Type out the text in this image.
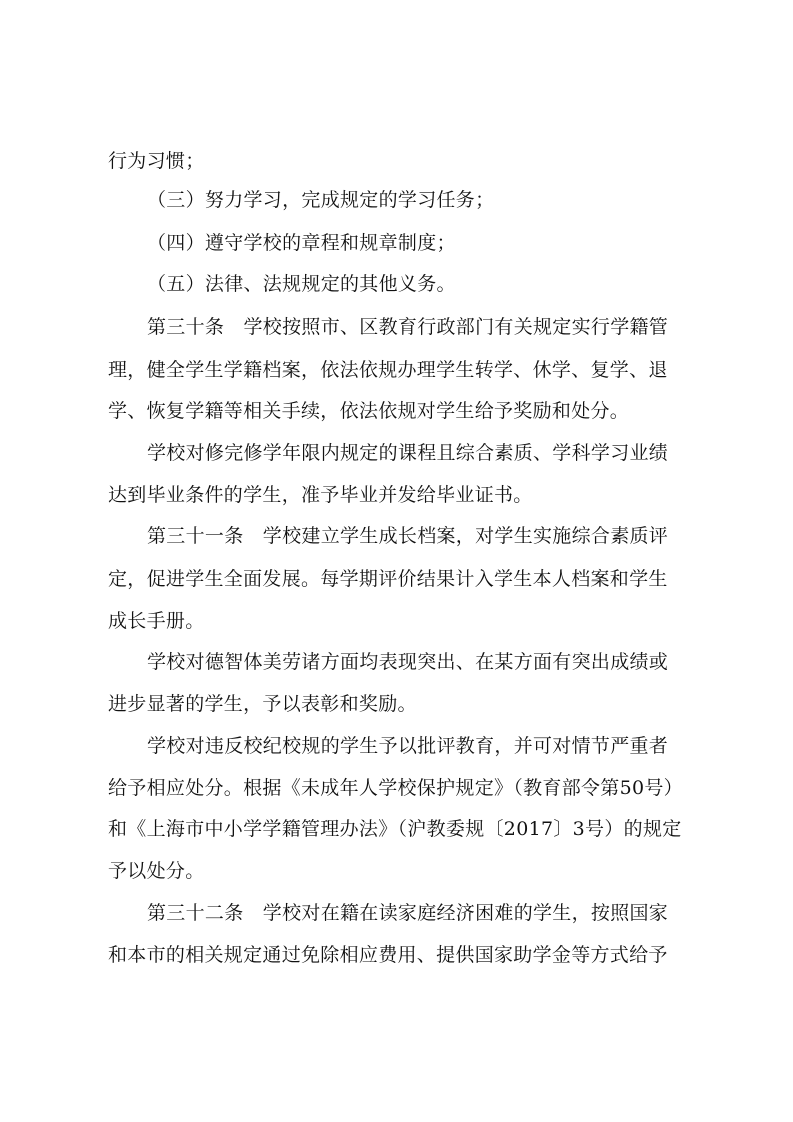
行为习惯；
（三）努力学习，完成规定的学习任务；
（四）遵守学校的章程和规章制度；
（五）法律、法规规定的其他义务。
第三十条　学校按照市、区教育行政部门有关规定实行学籍管
理，健全学生学籍档案，依法依规办理学生转学、休学、复学、退
学、恢复学籍等相关手续，依法依规对学生给予奖励和处分。
学校对修完修学年限内规定的课程且综合素质、学科学习业绩
达到毕业条件的学生，准予毕业并发给毕业证书。
第三十一条　学校建立学生成长档案，对学生实施综合素质评
定，促进学生全面发展。每学期评价结果计入学生本人档案和学生
成长手册。
学校对德智体美劳诸方面均表现突出、在某方面有突出成绩或
进步显著的学生，予以表彰和奖励。
学校对违反校纪校规的学生予以批评教育，并可对情节严重者
给予相应处分。根据《未成年人学校保护规定》（教育部令第50号）
和《上海市中小学学籍管理办法》（沪教委规〔2017〕3号）的规定
予以处分。
第三十二条　学校对在籍在读家庭经济困难的学生，按照国家
和本市的相关规定通过免除相应费用、提供国家助学金等方式给予
